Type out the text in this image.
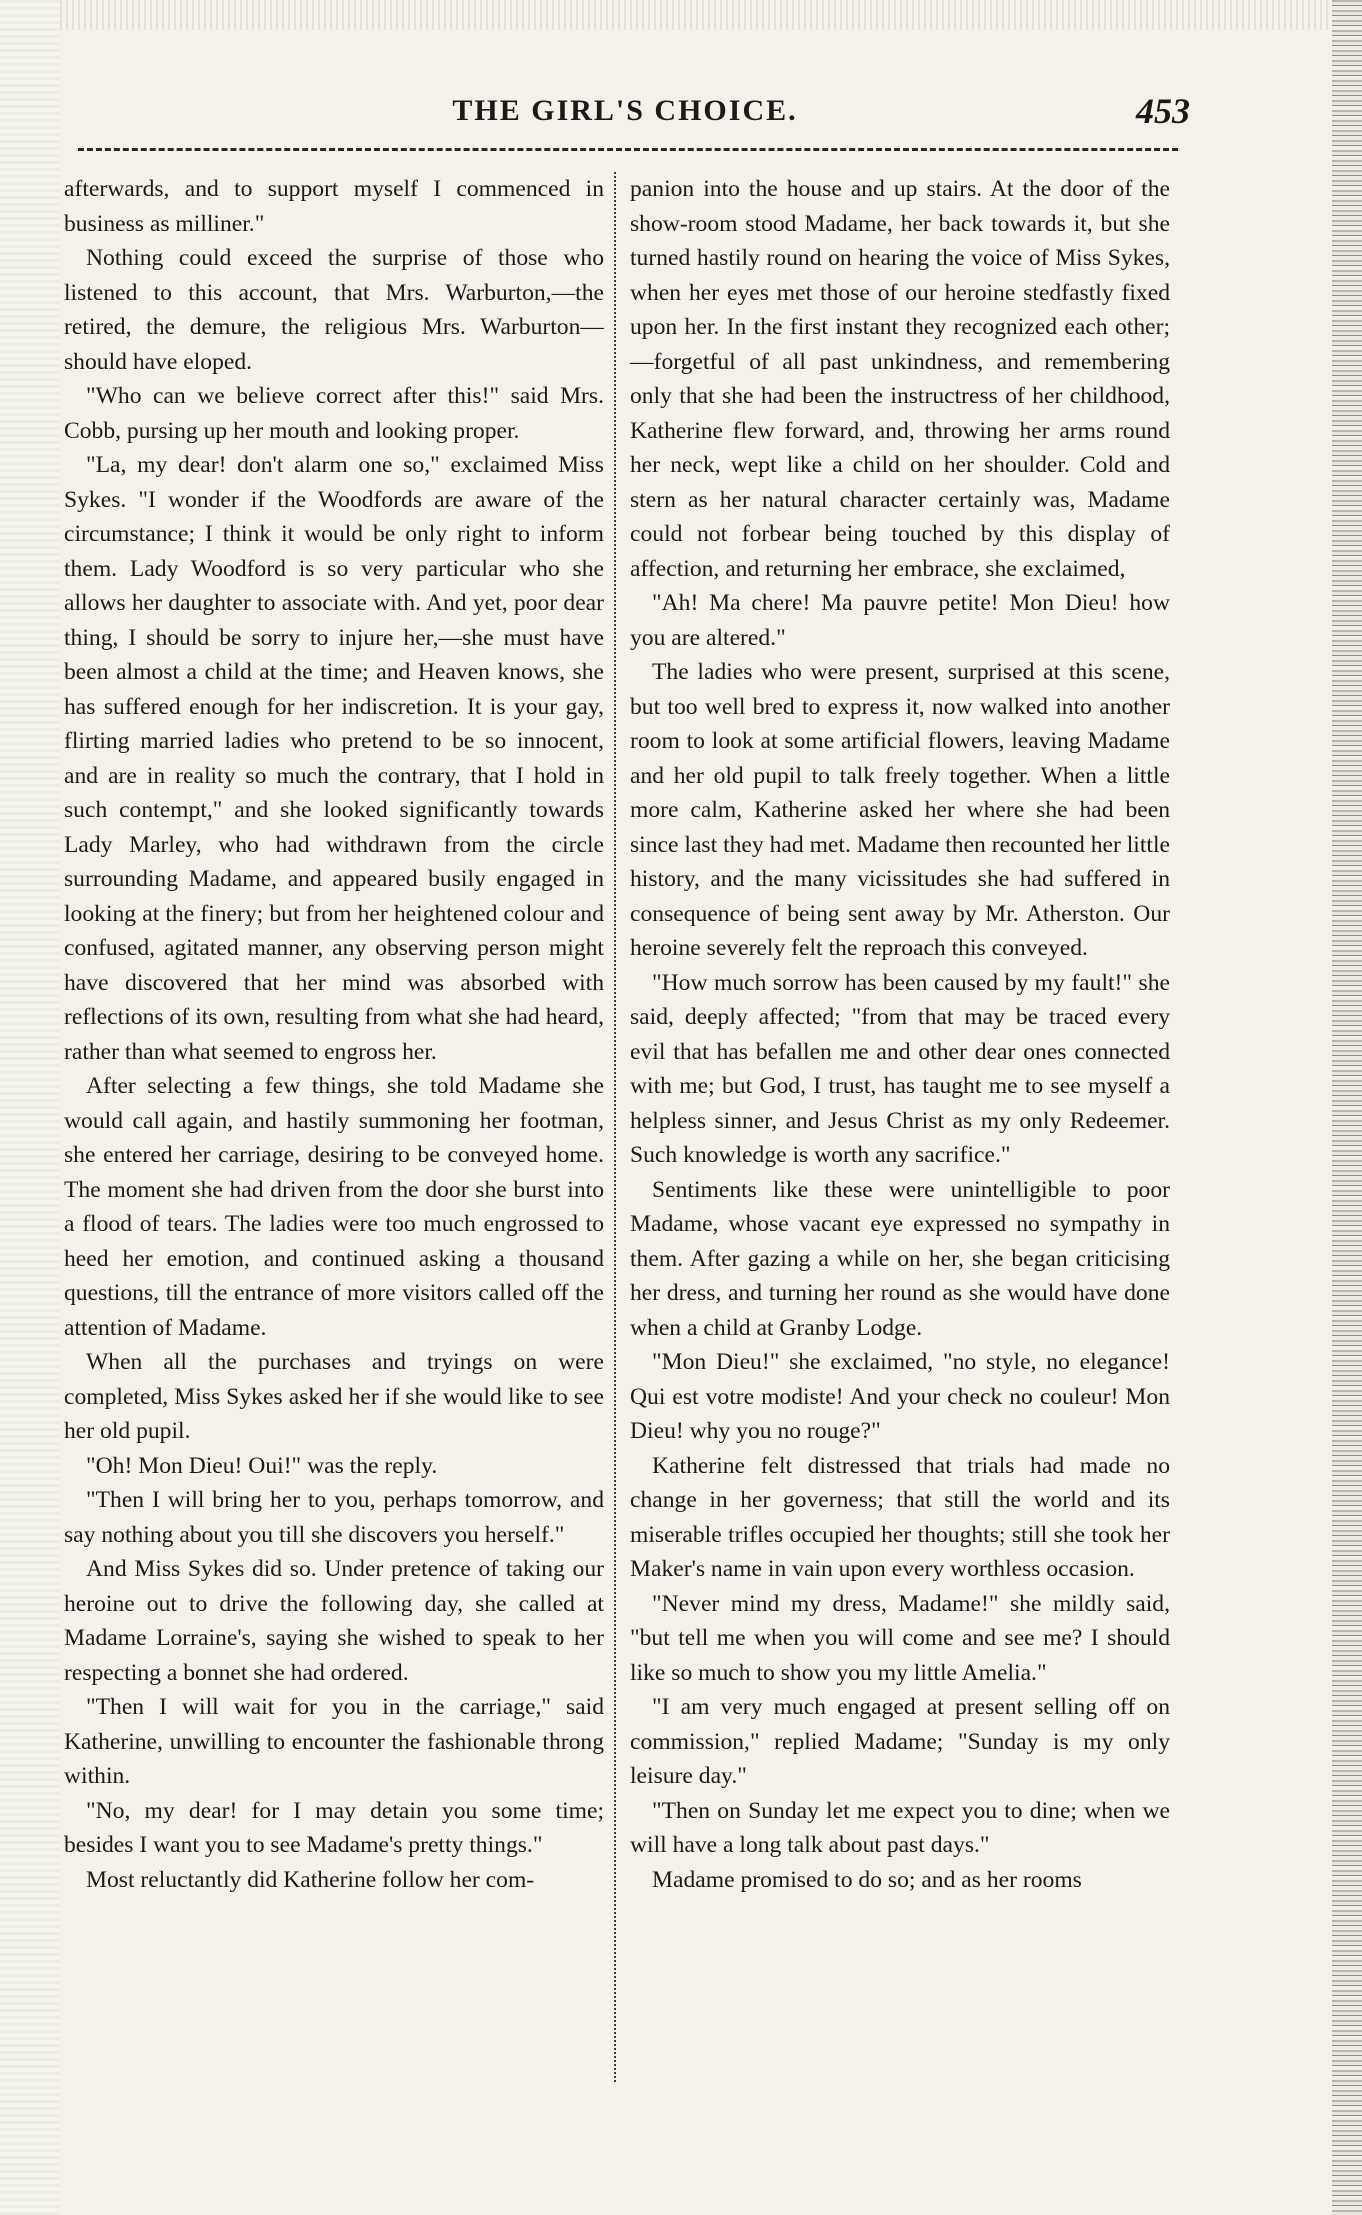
THE GIRL'S CHOICE.	453

afterwards, and to support myself I commenced in business as milliner."

Nothing could exceed the surprise of those who listened to this account, that Mrs. Warburton,—the retired, the demure, the religious Mrs. Warburton—should have eloped.

"Who can we believe correct after this!" said Mrs. Cobb, pursing up her mouth and looking proper.

"La, my dear! don't alarm one so," exclaimed Miss Sykes. "I wonder if the Woodfords are aware of the circumstance; I think it would be only right to inform them. Lady Woodford is so very particular who she allows her daughter to associate with. And yet, poor dear thing, I should be sorry to injure her,—she must have been almost a child at the time; and Heaven knows, she has suffered enough for her indiscretion. It is your gay, flirting married ladies who pretend to be so innocent, and are in reality so much the contrary, that I hold in such contempt," and she looked significantly towards Lady Marley, who had withdrawn from the circle surrounding Madame, and appeared busily engaged in looking at the finery; but from her heightened colour and confused, agitated manner, any observing person might have discovered that her mind was absorbed with reflections of its own, resulting from what she had heard, rather than what seemed to engross her.

After selecting a few things, she told Madame she would call again, and hastily summoning her footman, she entered her carriage, desiring to be conveyed home. The moment she had driven from the door she burst into a flood of tears. The ladies were too much engrossed to heed her emotion, and continued asking a thousand questions, till the entrance of more visitors called off the attention of Madame.

When all the purchases and tryings on were completed, Miss Sykes asked her if she would like to see her old pupil.

"Oh! Mon Dieu! Oui!" was the reply.

"Then I will bring her to you, perhaps tomorrow, and say nothing about you till she discovers you herself."

And Miss Sykes did so. Under pretence of taking our heroine out to drive the following day, she called at Madame Lorraine's, saying she wished to speak to her respecting a bonnet she had ordered.

"Then I will wait for you in the carriage," said Katherine, unwilling to encounter the fashionable throng within.

"No, my dear! for I may detain you some time; besides I want you to see Madame's pretty things."

Most reluctantly did Katherine follow her com-

panion into the house and up stairs. At the door of the show-room stood Madame, her back towards it, but she turned hastily round on hearing the voice of Miss Sykes, when her eyes met those of our heroine stedfastly fixed upon her. In the first instant they recognized each other;—forgetful of all past unkindness, and remembering only that she had been the instructress of her childhood, Katherine flew forward, and, throwing her arms round her neck, wept like a child on her shoulder. Cold and stern as her natural character certainly was, Madame could not forbear being touched by this display of affection, and returning her embrace, she exclaimed,

"Ah! Ma chere! Ma pauvre petite! Mon Dieu! how you are altered."

The ladies who were present, surprised at this scene, but too well bred to express it, now walked into another room to look at some artificial flowers, leaving Madame and her old pupil to talk freely together. When a little more calm, Katherine asked her where she had been since last they had met. Madame then recounted her little history, and the many vicissitudes she had suffered in consequence of being sent away by Mr. Atherston. Our heroine severely felt the reproach this conveyed.

"How much sorrow has been caused by my fault!" she said, deeply affected; "from that may be traced every evil that has befallen me and other dear ones connected with me; but God, I trust, has taught me to see myself a helpless sinner, and Jesus Christ as my only Redeemer. Such knowledge is worth any sacrifice."

Sentiments like these were unintelligible to poor Madame, whose vacant eye expressed no sympathy in them. After gazing a while on her, she began criticising her dress, and turning her round as she would have done when a child at Granby Lodge.

"Mon Dieu!" she exclaimed, "no style, no elegance! Qui est votre modiste! And your check no couleur! Mon Dieu! why you no rouge?"

Katherine felt distressed that trials had made no change in her governess; that still the world and its miserable trifles occupied her thoughts; still she took her Maker's name in vain upon every worthless occasion.

"Never mind my dress, Madame!" she mildly said, "but tell me when you will come and see me? I should like so much to show you my little Amelia."

"I am very much engaged at present selling off on commission," replied Madame; "Sunday is my only leisure day."

"Then on Sunday let me expect you to dine; when we will have a long talk about past days."

Madame promised to do so; and as her rooms
